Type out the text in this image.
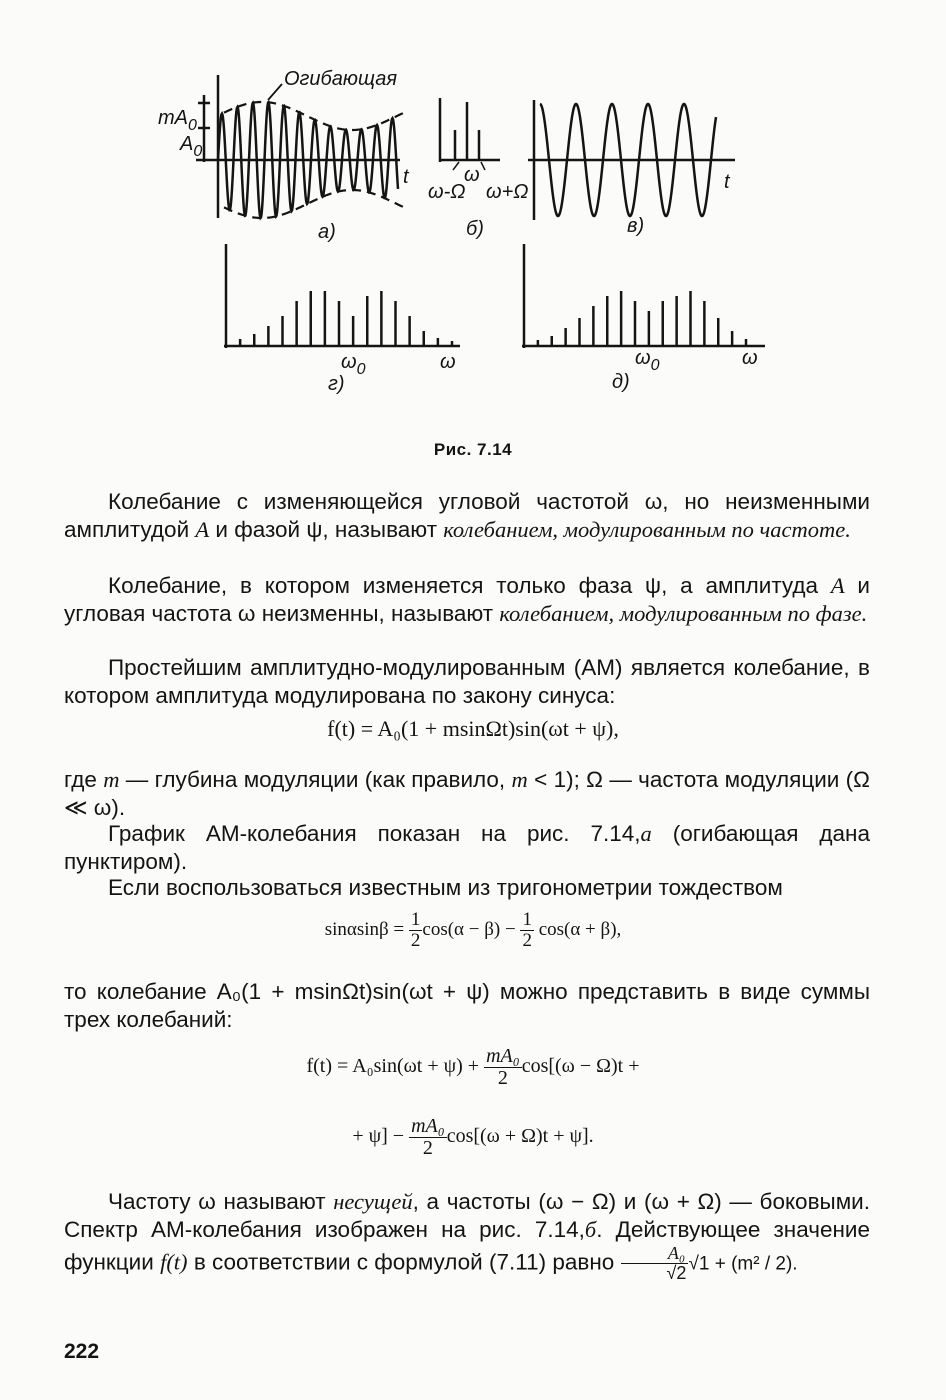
Огибающая
$mA_0$
$A_0$
t
а)
ω
ω-Ω ω+Ω
б)
t
в)
$\omega_0$	ω
г)
$\omega_0$	ω
д)
Рис. 7.14

Колебание с изменяющейся угловой частотой ω, но неизменными амплитудой A и фазой ψ, называют колебанием, модулированным по частоте.

Колебание, в котором изменяется только фаза ψ, а амплитуда A и угловая частота ω неизменны, называют колебанием, модулированным по фазе.

Простейшим амплитудно-модулированным (АМ) является колебание, в котором амплитуда модулирована по закону синуса:

f(t) = A₀(1 + msinΩt)sin(ωt + ψ),

где m — глубина модуляции (как правило, m < 1); Ω — частота модуляции (Ω ≪ ω).

График АМ-колебания показан на рис. 7.14,а (огибающая дана пунктиром).

Если воспользоваться известным из тригонометрии тождеством

$\sin\alpha\sin\beta = \frac{1}{2} \cos(\alpha - \beta) - \frac{1}{2} \cos(\alpha + \beta)$,

то колебание A₀(1 + msinΩt)sin(ωt + ψ) можно представить в виде суммы трех колебаний:

$f(t) = A_0\sin(\omega t + \psi) + \frac{\text{mA₀}}{2} \cos[(\omega - \Omega)t$ +
+ $\psi] - \frac{\text{mA₀}}{2} \cos[(\omega + \Omega)t + \psi]$.

Частоту ω называют несущей, а частоты (ω − Ω) и (ω + Ω) — боковыми. Спектр АМ-колебания изображен на рис. 7.14,б. Действующее значение функции f(t) в соответствии с формулой (7.11) равно $\frac{\text{A₀}}{√2} √1 + (m^2 / 2)$.

222
